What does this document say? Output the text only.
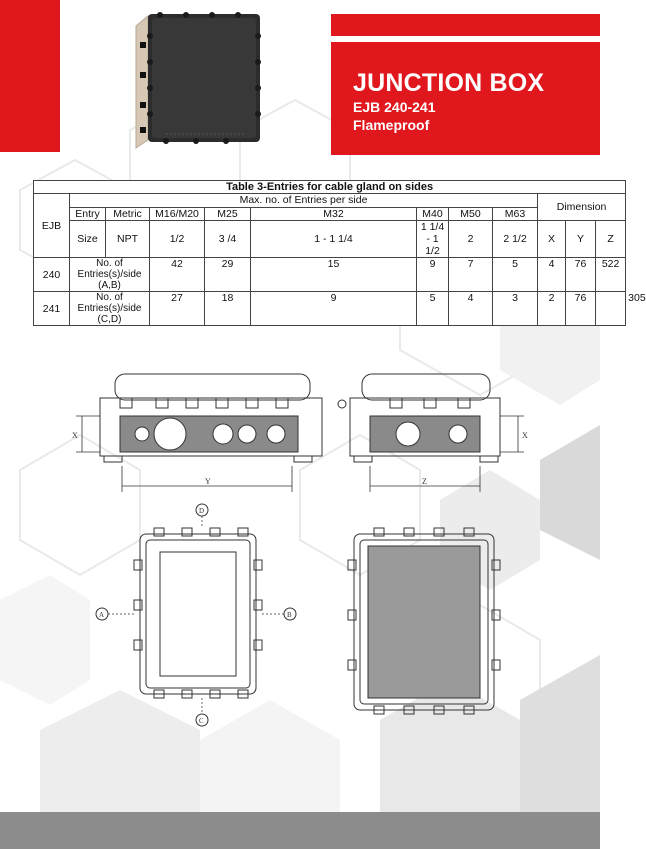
JUNCTION BOX
EJB 240-241
Flameproof
Table 3-Entries for cable gland on sides												
EJB	Max. no. of Entries per side								Dimension			
	Entry	Metric	M16/M20	M25	M32	M40	M50	M63				
	Size	NPT	1/2	3 /4	1 - 1 1/4	1 1/4 - 1 1/2	2	2 1/2	X	Y	Z	
240	No. of
Entries(s)/side
(A,B)		42	29	15	9	7	5	4	76	522	
241	No. of
Entries(s)/side
(C,D)		27	18	9	5	4	3	2	76		305
X
Y	Z
X
D
C
A	B
